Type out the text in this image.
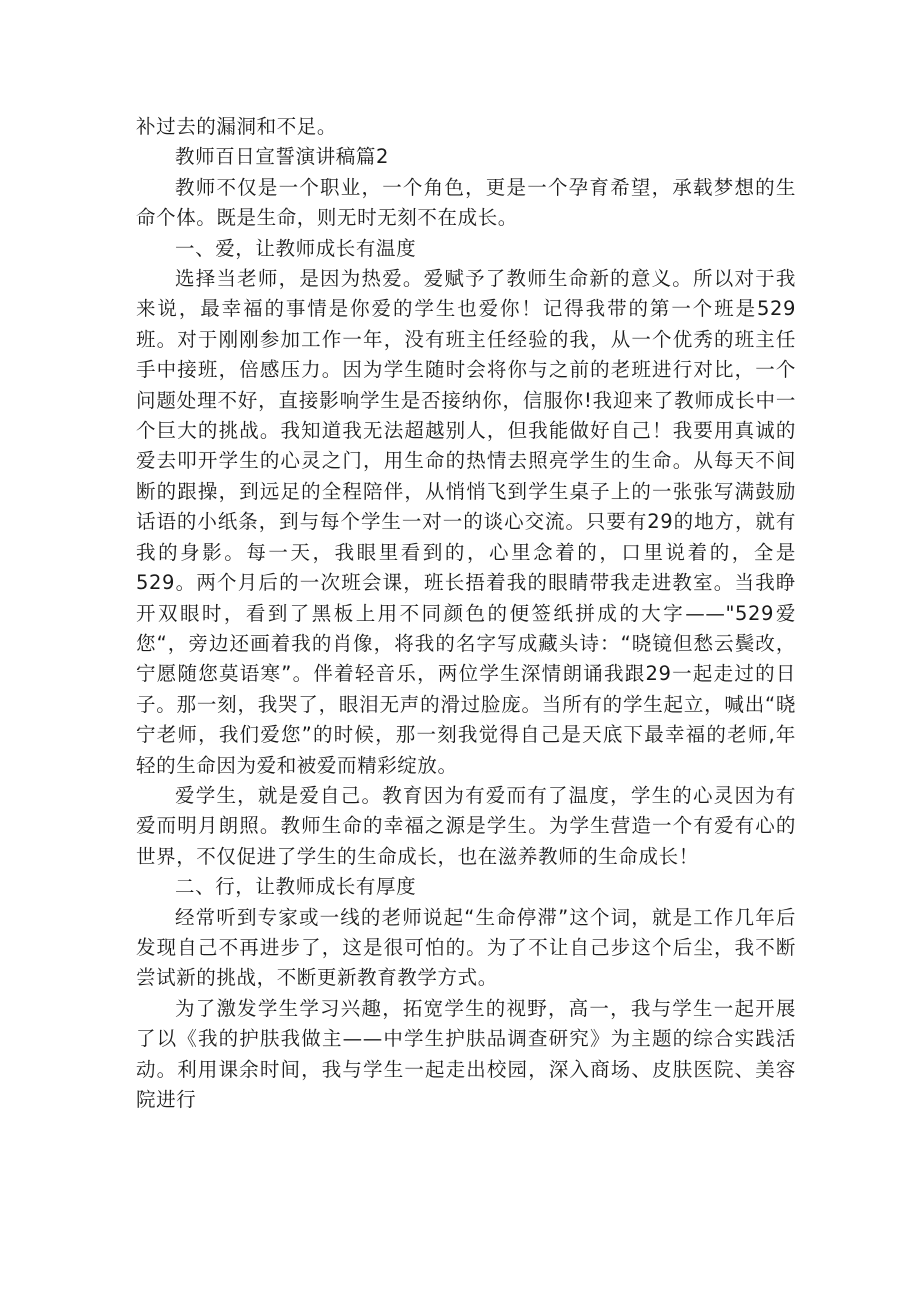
补过去的漏洞和不足。

教师百日宣誓演讲稿篇2

教师不仅是一个职业，一个角色，更是一个孕育希望，承载梦想的生命个体。既是生命，则无时无刻不在成长。

一、爱，让教师成长有温度

选择当老师，是因为热爱。爱赋予了教师生命新的意义。所以对于我来说，最幸福的事情是你爱的学生也爱你！记得我带的第一个班是529班。对于刚刚参加工作一年，没有班主任经验的我，从一个优秀的班主任手中接班，倍感压力。因为学生随时会将你与之前的老班进行对比，一个问题处理不好，直接影响学生是否接纳你，信服你!我迎来了教师成长中一个巨大的挑战。我知道我无法超越别人，但我能做好自己！我要用真诚的爱去叩开学生的心灵之门，用生命的热情去照亮学生的生命。从每天不间断的跟操，到远足的全程陪伴，从悄悄飞到学生桌子上的一张张写满鼓励话语的小纸条，到与每个学生一对一的谈心交流。只要有29的地方，就有我的身影。每一天，我眼里看到的，心里念着的，口里说着的，全是529。两个月后的一次班会课，班长捂着我的眼睛带我走进教室。当我睁开双眼时，看到了黑板上用不同颜色的便签纸拼成的大字——"529爱您“，旁边还画着我的肖像，将我的名字写成藏头诗：“晓镜但愁云鬓改，宁愿随您莫语寒”。伴着轻音乐，两位学生深情朗诵我跟29一起走过的日子。那一刻，我哭了，眼泪无声的滑过脸庞。当所有的学生起立，喊出“晓宁老师，我们爱您”的时候，那一刻我觉得自己是天底下最幸福的老师,年轻的生命因为爱和被爱而精彩绽放。

爱学生，就是爱自己。教育因为有爱而有了温度，学生的心灵因为有爱而明月朗照。教师生命的幸福之源是学生。为学生营造一个有爱有心的世界，不仅促进了学生的生命成长，也在滋养教师的生命成长！

二、行，让教师成长有厚度

经常听到专家或一线的老师说起“生命停滞”这个词，就是工作几年后发现自己不再进步了，这是很可怕的。为了不让自己步这个后尘，我不断尝试新的挑战，不断更新教育教学方式。

为了激发学生学习兴趣，拓宽学生的视野，高一，我与学生一起开展了以《我的护肤我做主——中学生护肤品调查研究》为主题的综合实践活动。利用课余时间，我与学生一起走出校园，深入商场、皮肤医院、美容院进行
